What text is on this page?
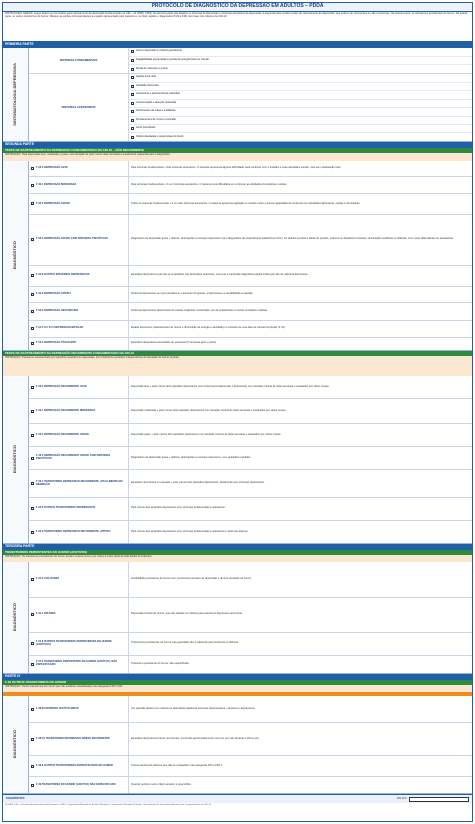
PROTOCOLO DE DIAGNÓSTICO DA DEPRESSÃO EM ADULTOS – PDDA
INSTRUÇÕES GERAIS: segue abaixo um formulário para rastreamento da depressão fundamentado na CID – 10 (OMS, 1993). Na primeira parte são listados os sintomas fundamentais e sintomas acessórios da depressão. A segunda parte contém testes de rastreamento da depressão, que podem ser recorrentes ou não recorrentes. Na terceira parte, os transtornos persistentes do humor. Na quarta parte, os outros transtornos do humor. Marque as opções correspondentes ao quadro apresentado pelo paciente e, ao final, registre o diagnóstico (F32 a F39) com base nos critérios da CID-10.
PRIMEIRA PARTE
SINTOMATOLOGIA DEPRESSIVA
SINTOMAS FUNDAMENTAIS
Humor deprimido ou tristeza persistente
Fatigabilidade aumentada ou perda de energia física ou mental
Perda de interesse e prazer
SINTOMAS ACESSÓRIOS
Apetite diminuído
Atividade diminuída
Autoestima e autoconfiança reduzidas
Concentração e atenção reduzidas
Sentimentos de culpa e inutilidade
Pensamentos de morte ou suicídio
Sono perturbado
Visões desoladas e pessimistas do futuro
SEGUNDA PARTE
TESTE DE RASTREAMENTO DA DEPRESSÃO FUNDAMENTADO NA CID-10 – NÃO RECORRENTE
INSTRUÇÃO: Para depressão leve, moderada e grave, uma duração de pelo menos duas semanas é usualmente requerida para o diagnóstico.
DIAGNÓSTICO
F 32.0 DEPRESSÃO LEVE	Dois sintomas fundamentais + dois sintomas acessórios. O paciente apresenta alguma dificuldade para continuar com o trabalho e suas atividades sociais, mas sem paralisação total.
F 32.1 DEPRESSÃO MODERADA	Dois sintomas fundamentais + 3 ou 4 sintomas acessórios. O paciente terá dificuldade em continuar as atividades domésticas e sociais.
F 32.2 DEPRESSÃO GRAVE	Todos os sintomas fundamentais + 4 ou mais sintomas acessórios. O paciente apresenta agitação ou retardo motor e pouca capacidade de continuar com atividades laborativas, sociais e domésticas.
F 32.3 DEPRESSÃO GRAVE COM SINTOMAS PSICÓTICOS	Diagnóstico de depressão grave + delírios, alucinações ou estupor depressivo (sem diagnóstico de esquizofrenia catatônica F 20.2). Os delírios envolvem ideias de pecado, pobreza ou desastres iminentes; alucinações auditivas ou olfativas, com vozes difamatórias ou acusatórias.
F 32.8 OUTROS EPISÓDIOS DEPRESSIVOS	Episódios depressivos que não se enquadram nas descrições anteriores, mas que a impressão diagnóstica global indica que são de natureza depressiva.
F 32.9 DEPRESSÃO ATÍPICA	Sintomas depressivos em que prevalecem o aumento do apetite, a hipersonia e a sensibilidade à rejeição.
F 32.9 DEPRESSÃO SECUNDÁRIA	Sintomas depressivos decorrentes de causas orgânicas conhecidas, uso de substâncias ou outras condições médicas.
F 31.3 A F 31.5 DEPRESSÃO BIPOLAR	Estado depressivo (rebaixamento do humor e diminuição de energia e atividade) no contexto de uma fase de transtorno bipolar (F 31).
F 53.0 DEPRESSÃO PÓS-PARTO	Episódios depressivos associados ao puerpério (6 semanas após o parto).
TESTE DE RASTREAMENTO DA DEPRESSÃO RECORRENTE FUNDAMENTADO NA CID-10
INSTRUÇÃO: Transtorno caracterizado por episódios repetidos de depressão, sem história de episódios independentes de elevação do humor (mania).
DIAGNÓSTICO
F 33.0 DEPRESSÃO RECORRENTE LEVE	Depressão leve + pelo menos dois episódios depressivos (com sintomas fundamentais e acessórios) com duração mínima de duas semanas e separados por vários meses.
F 33.1 DEPRESSÃO RECORRENTE MODERADA	Depressão moderada + pelo menos dois episódios depressivos com duração mínima de duas semanas e separados por vários meses.
F 33.2 DEPRESSÃO RECORRENTE GRAVE	Depressão grave + pelo menos dois episódios depressivos com duração mínima de duas semanas e separados por vários meses.
F 33.3 DEPRESSÃO RECORRENTE GRAVE COM SINTOMAS PSICÓTICOS	Diagnóstico de depressão grave + delírios, alucinações ou estupor depressivo, com episódios repetidos.
F 33.4 TRANSTORNO DEPRESSIVO RECORRENTE, ATUALMENTE EM REMISSÃO	Episódios recorrentes no passado + pelo menos dois episódios depressivos; atualmente sem sintomas depressivos.
F 33.8 OUTROS TRANSTORNOS DEPRESSIVOS	Pelo menos dois episódios depressivos com sintomas fundamentais e acessórios.
F 33.9 TRANSTORNO DEPRESSIVO RECORRENTE, ATÍPICO	Pelo menos dois episódios depressivos com sintomas fundamentais e acessórios e sintomas atípicos.
TERCEIRA PARTE
TRANSTORNOS PERSISTENTES DO HUMOR (AFETIVOS)
INSTRUÇÃO: Os transtornos persistentes do humor tendem a durar anos e por vezes a maior parte da vida adulta do indivíduo.
DIAGNÓSTICO
F 34.0 CICLOTIMIA	Instabilidade persistente do humor com numerosos períodos de depressão e de leve elevação do humor.
F 34.1 DISTIMIA	Depressão crônica do humor, que não satisfaz os critérios para transtorno depressivo recorrente.
F 34.8 OUTROS TRANSTORNOS PERSISTENTES DO HUMOR (AFETIVOS)	Transtornos persistentes do humor cuja gravidade não é suficiente para ciclotimia ou distimia.
F 34.9 TRANSTORNO PERSISTENTE DO HUMOR (AFETIVO), NÃO ESPECIFICADO	Transtorno persistente do humor não especificado.
PARTE IV
F 38 OUTROS TRANSTORNOS DO HUMOR
INSTRUÇÃO: Outros transtornos do humor que não justificam classificação nas categorias F30 a F34.
DIAGNÓSTICO
F 38.00 EPISÓDIO AFETIVO MISTO	Um episódio afetivo com mistura ou alternância rápida de sintomas hipomaníacos, maníacos e depressivos.
F 38.10 TRANSTORNO DEPRESSIVO BREVE RECORRENTE	Episódios depressivos breves recorrentes, ocorrendo aproximadamente uma vez por mês durante o último ano.
F 38.8 OUTROS TRANSTORNOS ESPECIFICADOS DO HUMOR	Outros transtornos afetivos que não se enquadram nas categorias F30 a F38.1.
F 39 TRANSTORNO DO HUMOR (AFETIVO) NÃO ESPECIFICADO	Quando nenhum outro critério anterior é preenchido.
DIAGNÓSTICO:	CID 10 F
SIGLAS: CID = Classificação Internacional de Doenças; OMS = Organização Mundial da Saúde. Referência: Organização Mundial da Saúde. Classificação de Transtornos Mentais e de Comportamento da CID-10.
